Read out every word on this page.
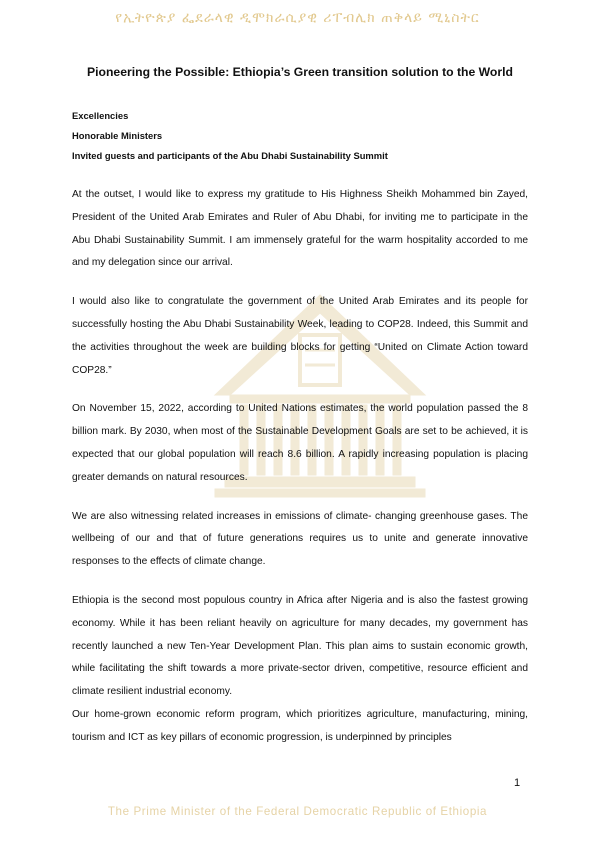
የኢትዮጵያ ፌደራላዊ ዲሞክራሲያዊ ሪፐብሊክ ጠቅላይ ሚኒስትር
Pioneering the Possible: Ethiopia’s Green transition solution to the World
Excellencies
Honorable Ministers
Invited guests and participants of the Abu Dhabi Sustainability Summit

At the outset, I would like to express my gratitude to His Highness Sheikh Mohammed bin Zayed, President of the United Arab Emirates and Ruler of Abu Dhabi, for inviting me to participate in the Abu Dhabi Sustainability Summit. I am immensely grateful for the warm hospitality accorded to me and my delegation since our arrival.

I would also like to congratulate the government of the United Arab Emirates and its people for successfully hosting the Abu Dhabi Sustainability Week, leading to COP28. Indeed, this Summit and the activities throughout the week are building blocks for getting “United on Climate Action toward COP28.”

On November 15, 2022, according to United Nations estimates, the world population passed the 8 billion mark. By 2030, when most of the Sustainable Development Goals are set to be achieved, it is expected that our global population will reach 8.6 billion. A rapidly increasing population is placing greater demands on natural resources.

We are also witnessing related increases in emissions of climate- changing greenhouse gases. The wellbeing of our and that of future generations requires us to unite and generate innovative responses to the effects of climate change.

Ethiopia is the second most populous country in Africa after Nigeria and is also the fastest growing economy. While it has been reliant heavily on agriculture for many decades, my government has recently launched a new Ten-Year Development Plan. This plan aims to sustain economic growth, while facilitating the shift towards a more private-sector driven, competitive, resource efficient and climate resilient industrial economy.

Our home-grown economic reform program, which prioritizes agriculture, manufacturing, mining, tourism and ICT as key pillars of economic progression, is underpinned by principles

1
The Prime Minister of the Federal Democratic Republic of Ethiopia
